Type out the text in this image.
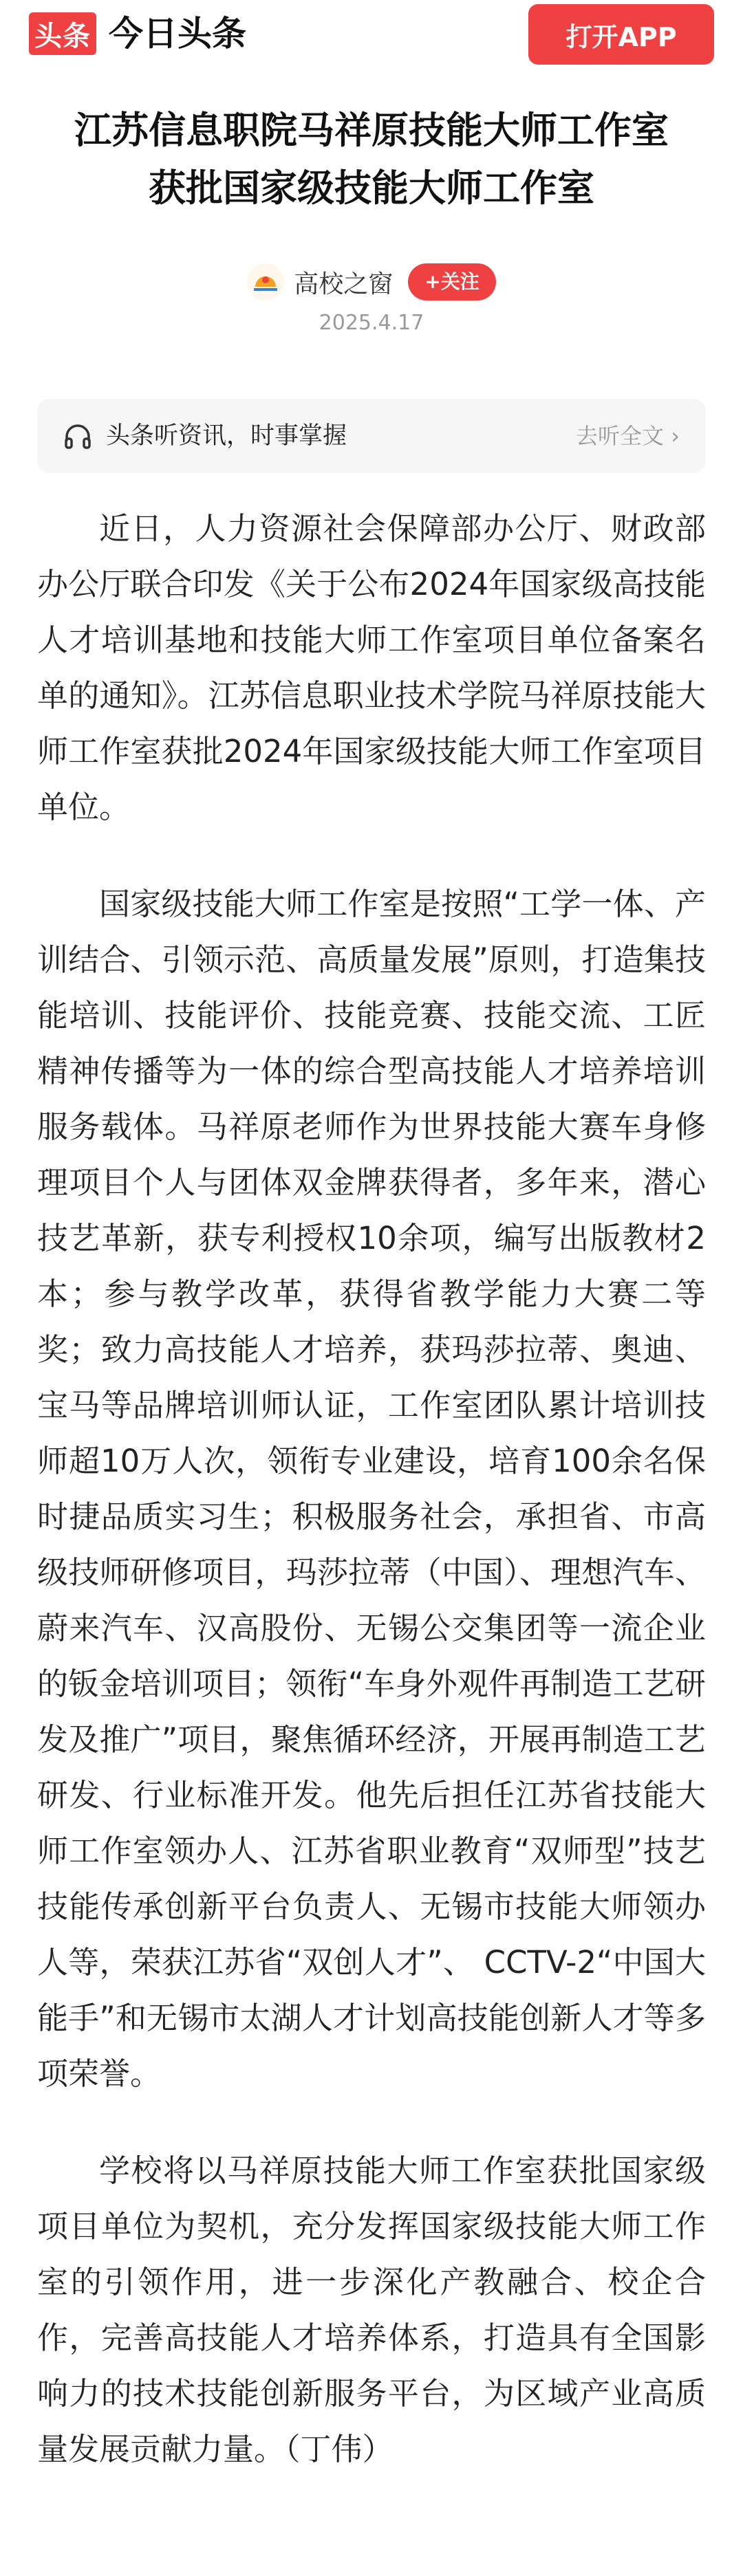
头条 今日头条	打开APP
江苏信息职院马祥原技能大师工作室获批国家级技能大师工作室
高校之窗	+关注
2025.4.17
头条听资讯，时事掌握	去听全文 ›

近日，人力资源社会保障部办公厅、财政部办公厅联合印发《关于公布2024年国家级高技能人才培训基地和技能大师工作室项目单位备案名单的通知》。江苏信息职业技术学院马祥原技能大师工作室获批2024年国家级技能大师工作室项目单位。

国家级技能大师工作室是按照“工学一体、产训结合、引领示范、高质量发展”原则，打造集技能培训、技能评价、技能竞赛、技能交流、工匠精神传播等为一体的综合型高技能人才培养培训服务载体。马祥原老师作为世界技能大赛车身修理项目个人与团体双金牌获得者，多年来，潜心技艺革新，获专利授权10余项，编写出版教材2本；参与教学改革，获得省教学能力大赛二等奖；致力高技能人才培养，获玛莎拉蒂、奥迪、宝马等品牌培训师认证，工作室团队累计培训技师超10万人次，领衔专业建设，培育100余名保时捷品质实习生；积极服务社会，承担省、市高级技师研修项目，玛莎拉蒂（中国）、理想汽车、蔚来汽车、汉高股份、无锡公交集团等一流企业的钣金培训项目；领衔“车身外观件再制造工艺研发及推广”项目，聚焦循环经济，开展再制造工艺研发、行业标准开发。他先后担任江苏省技能大师工作室领办人、江苏省职业教育“双师型”技艺技能传承创新平台负责人、无锡市技能大师领办人等，荣获江苏省“双创人才”、 CCTV-2“中国大能手”和无锡市太湖人才计划高技能创新人才等多项荣誉。

学校将以马祥原技能大师工作室获批国家级项目单位为契机，充分发挥国家级技能大师工作室的引领作用，进一步深化产教融合、校企合作，完善高技能人才培养体系，打造具有全国影响力的技术技能创新服务平台，为区域产业高质量发展贡献力量。（丁伟）
